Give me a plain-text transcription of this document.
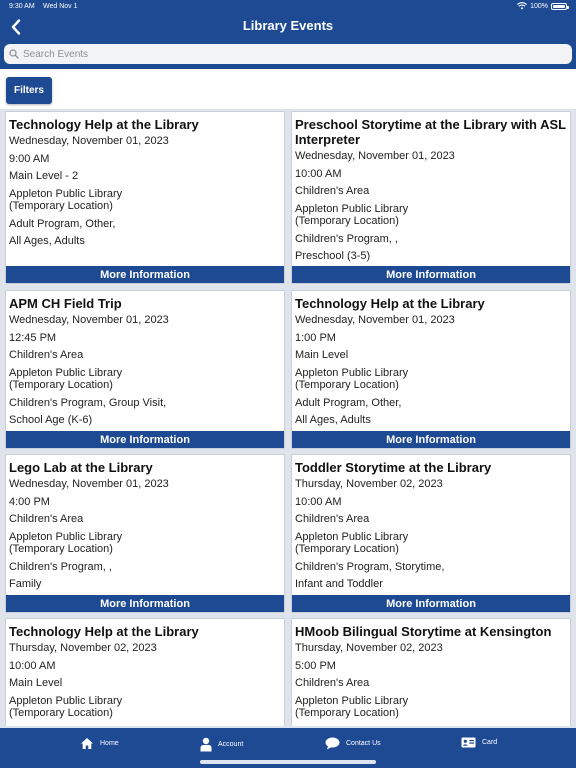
9:30 AM Wed Nov 1	100%
Library Events
Search Events
Filters
Technology Help at the Library
Wednesday, November 01, 2023
9:00 AM
Main Level - 2
Appleton Public Library
(Temporary Location)
Adult Program, Other,
All Ages, Adults
More Information
Preschool Storytime at the Library with ASL Interpreter
Wednesday, November 01, 2023
10:00 AM
Children's Area
Appleton Public Library
(Temporary Location)
Children's Program, ,
Preschool (3-5)
More Information
APM CH Field Trip
Wednesday, November 01, 2023
12:45 PM
Children's Area
Appleton Public Library
(Temporary Location)
Children's Program, Group Visit,
School Age (K-6)
More Information
Technology Help at the Library
Wednesday, November 01, 2023
1:00 PM
Main Level
Appleton Public Library
(Temporary Location)
Adult Program, Other,
All Ages, Adults
More Information
Lego Lab at the Library
Wednesday, November 01, 2023
4:00 PM
Children's Area
Appleton Public Library
(Temporary Location)
Children's Program, ,
Family
More Information
Toddler Storytime at the Library
Thursday, November 02, 2023
10:00 AM
Children's Area
Appleton Public Library
(Temporary Location)
Children's Program, Storytime,
Infant and Toddler
More Information
Technology Help at the Library
Thursday, November 02, 2023
10:00 AM
Main Level
Appleton Public Library
(Temporary Location)
HMoob Bilingual Storytime at Kensington
Thursday, November 02, 2023
5:00 PM
Children's Area
Appleton Public Library
(Temporary Location)
Home	Account	Contact Us	Card
